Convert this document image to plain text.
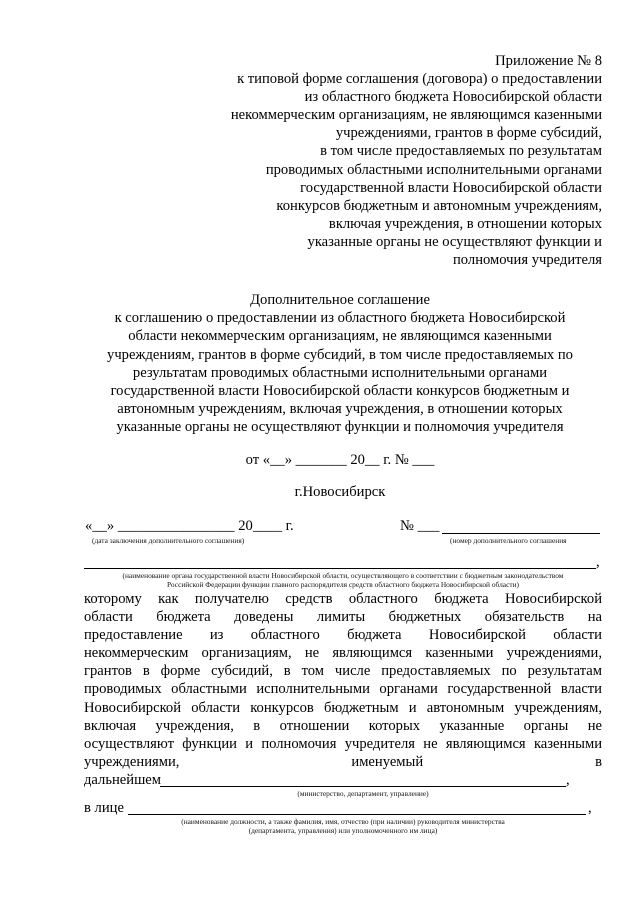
Приложение № 8
к типовой форме соглашения (договора) о предоставлении
из областного бюджета Новосибирской области
некоммерческим организациям, не являющимся казенными
учреждениями, грантов в форме субсидий,
в том числе предоставляемых по результатам
проводимых областными исполнительными органами
государственной власти Новосибирской области
конкурсов бюджетным и автономным учреждениям,
включая учреждения, в отношении которых
указанные органы не осуществляют функции и
полномочия учредителя
Дополнительное соглашение
к соглашению о предоставлении из областного бюджета Новосибирской
области некоммерческим организациям, не являющимся казенными
учреждениям, грантов в форме субсидий, в том числе предоставляемых по
результатам проводимых областными исполнительными органами
государственной власти Новосибирской области конкурсов бюджетным и
автономным учреждениям, включая учреждения, в отношении которых
указанные органы не осуществляют функции и полномочия учредителя
от «__» _______ 20__ г. № ___
г.Новосибирск
«__» ________________ 20____ г.
(дата заключения дополнительного соглашения)
№ ___
(номер дополнительного соглашения
,
(наименование органа государственной власти Новосибирской области, осуществляющего в соответствии с бюджетным законодательством
Российской Федерации функции главного распорядителя средств областного бюджета Новосибирской области)
которому как получателю средств областного бюджета Новосибирской
области бюджета доведены лимиты бюджетных обязательств на
предоставление из областного бюджета Новосибирской области
некоммерческим организациям, не являющимся казенными учреждениями,
грантов в форме субсидий, в том числе предоставляемых по результатам
проводимых областными исполнительными органами государственной власти
Новосибирской области конкурсов бюджетным и автономным учреждениям,
включая учреждения, в отношении которых указанные органы не
осуществляют функции и полномочия учредителя не являющимся казенными
учреждениями, именуемый в
дальнейшем	,
(министерство, департамент, управление)
в лице	,
(наименование должности, а также фамилия, имя, отчество (при наличии) руководителя министерства
(департамента, управления) или уполномоченного им лица)
